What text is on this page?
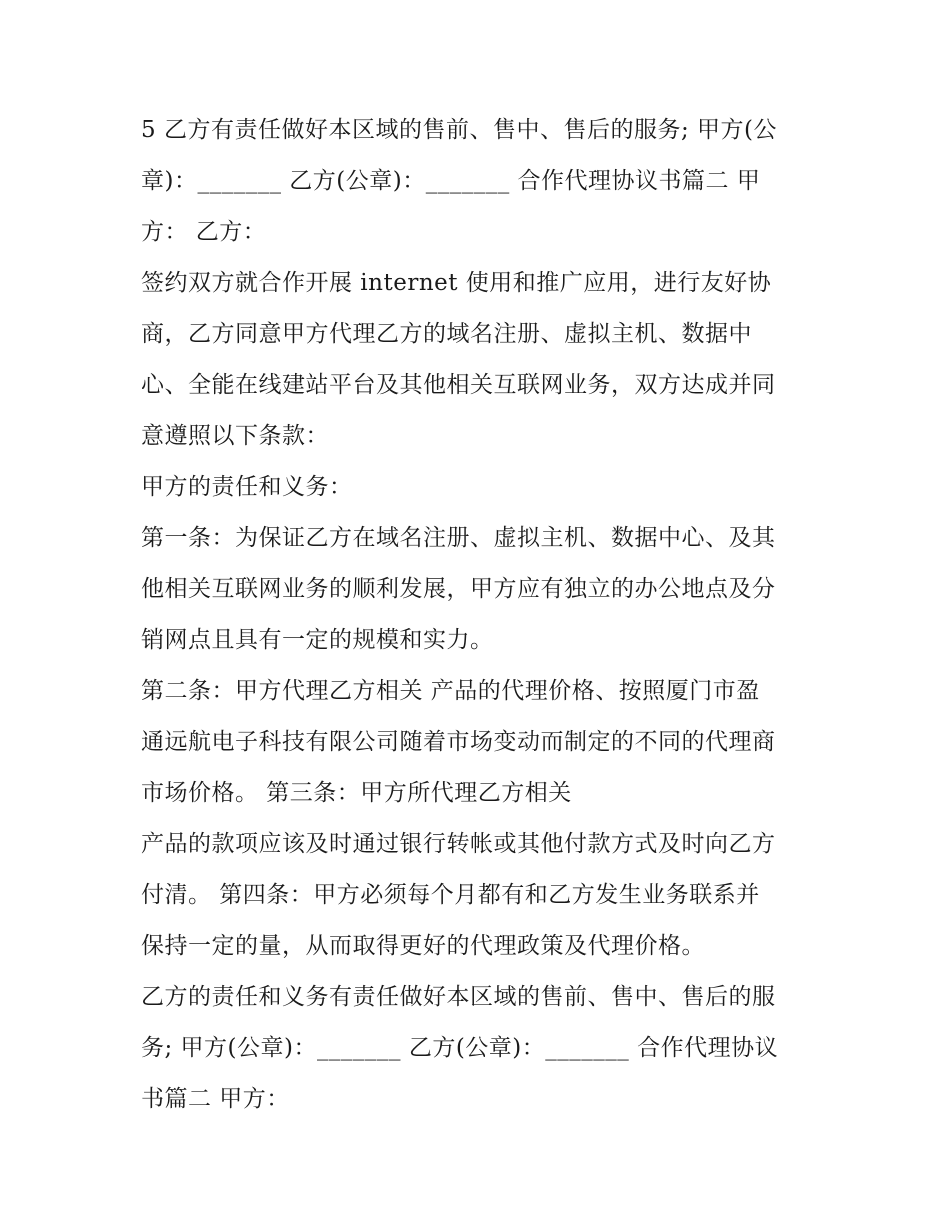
5 乙方有责任做好本区域的售前、售中、售后的服务; 甲方(公
章)：_______ 乙方(公章)：_______ 合作代理协议书篇二 甲
方： 乙方：
签约双方就合作开展 internet 使用和推广应用，进行友好协
商，乙方同意甲方代理乙方的域名注册、虚拟主机、数据中
心、全能在线建站平台及其他相关互联网业务，双方达成并同
意遵照以下条款：
甲方的责任和义务：
第一条：为保证乙方在域名注册、虚拟主机、数据中心、及其
他相关互联网业务的顺利发展，甲方应有独立的办公地点及分
销网点且具有一定的规模和实力。
第二条：甲方代理乙方相关 产品的代理价格、按照厦门市盈
通远航电子科技有限公司随着市场变动而制定的不同的代理商
市场价格。 第三条：甲方所代理乙方相关
产品的款项应该及时通过银行转帐或其他付款方式及时向乙方
付清。 第四条：甲方必须每个月都有和乙方发生业务联系并
保持一定的量，从而取得更好的代理政策及代理价格。
乙方的责任和义务有责任做好本区域的售前、售中、售后的服
务; 甲方(公章)：_______ 乙方(公章)：_______ 合作代理协议
书篇二 甲方：
